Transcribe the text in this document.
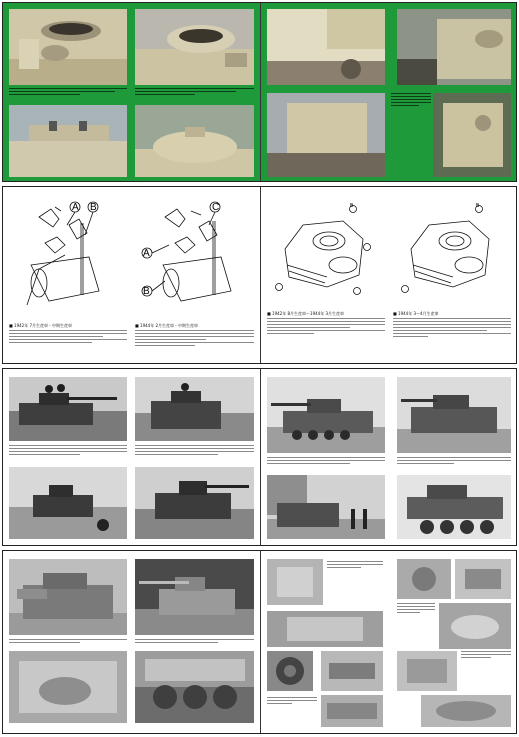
A B	C
A
B
■ 1942年 7月生産車・中期生産車	■ 1944年 2月生産車・中期生産車
B	B
■ 1942年 8月生産車〜1944年 3月生産車	■ 1944年 3〜4月生産車
